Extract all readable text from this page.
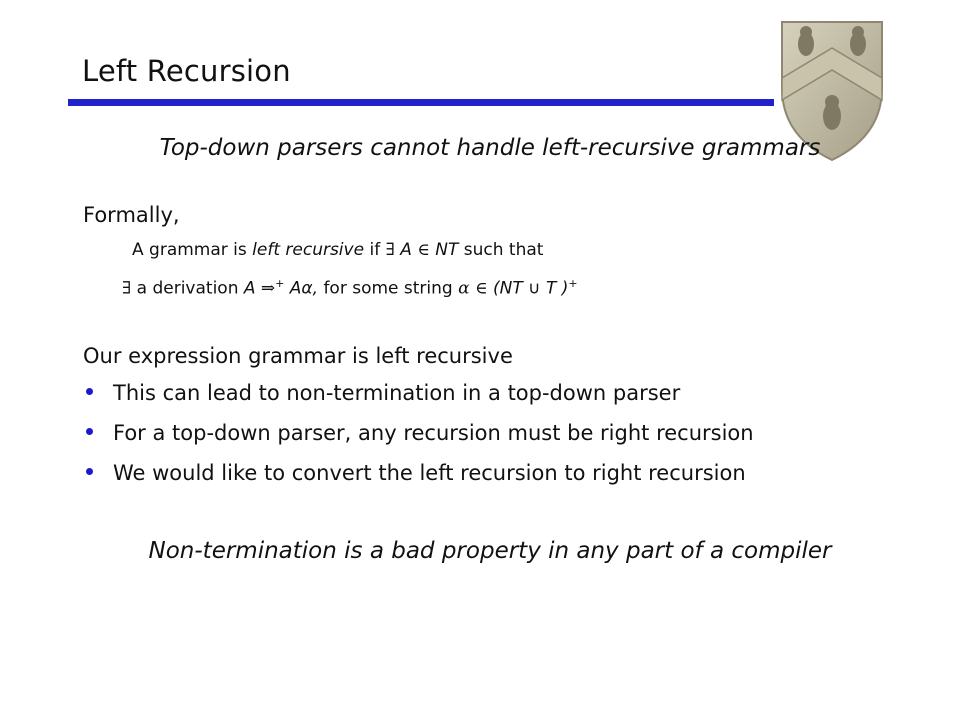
Left Recursion
Top-down parsers cannot handle left-recursive grammars
Formally,
A grammar is left recursive if ∃ A ∈ NT such that
∃ a derivation A ⇒+ Aα, for some string α ∈ (NT ∪ T )+
Our expression grammar is left recursive
This can lead to non-termination in a top-down parser
For a top-down parser, any recursion must be right recursion
We would like to convert the left recursion to right recursion
Non-termination is a bad property in any part of a compiler
